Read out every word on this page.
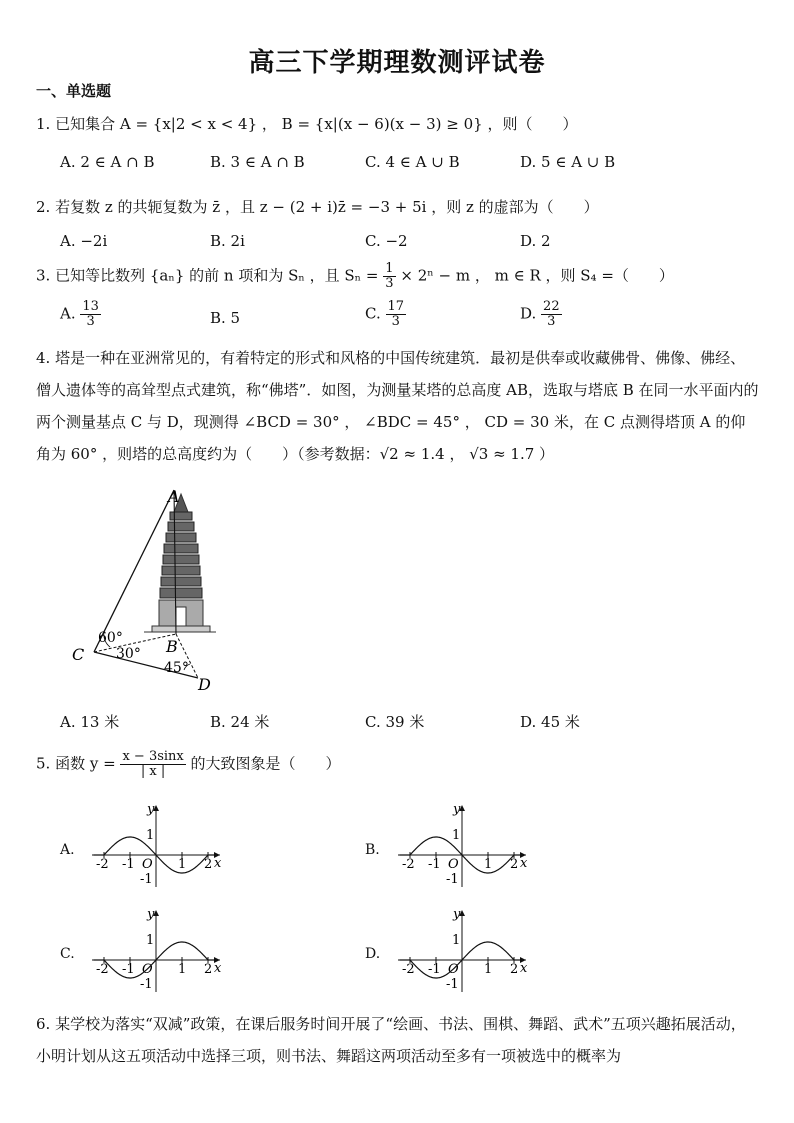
高三下学期理数测评试卷
一、单选题
1. 已知集合 A = {x|2 < x < 4} ， B = {x|(x − 6)(x − 3) ≥ 0} ，则（　　）
A. 2 ∈ A ∩ B	B. 3 ∈ A ∩ B	C. 4 ∈ A ∪ B	D. 5 ∈ A ∪ B
2. 若复数 z 的共轭复数为 z̄ ，且 z − (2 + i)z̄ = −3 + 5i ，则 z 的虚部为（　　）
A. −2i	B. 2i	C. −2	D. 2
3. 已知等比数列 {aₙ} 的前 n 项和为 Sₙ ，且 $S_n = \frac{1}{3} \times 2^n - m$ ， m ∈ R ，则 S₄ =（　　）
A. $\frac{13}{3}$	B. 5	C. $\frac{17}{3}$	D. $\frac{22}{3}$
4. 塔是一种在亚洲常见的，有着特定的形式和风格的中国传统建筑．最初是供奉或收藏佛骨、佛像、佛经、僧人遗体等的高耸型点式建筑，称“佛塔”．如图，为测量某塔的总高度 AB，选取与塔底 B 在同一水平面内的两个测量基点 C 与 D，现测得 ∠BCD = 30° ， ∠BDC = 45° ， CD = 30 米，在 C 点测得塔顶 A 的仰角为 60° ，则塔的总高度约为（　　）（参考数据：√2 ≈ 1.4 ， √3 ≈ 1.7 ）
A
B
C
D
60°
30°
45°
A. 13 米	B. 24 米	C. 39 米	D. 45 米
5. 函数 $y = \frac{x - 3\sin x}{| x |}$ 的大致图象是（　　）
A.	B.
C.	D.
y
x
O
1
-1
1 2
-2 -1
y
x
O
1
-1
1 2
-2 -1
y
x
O
1
-1
1 2
-2 -1
y
x
O
1
-1
1 2
-2 -1
6. 某学校为落实“双减”政策，在课后服务时间开展了“绘画、书法、围棋、舞蹈、武术”五项兴趣拓展活动，小明计划从这五项活动中选择三项，则书法、舞蹈这两项活动至多有一项被选中的概率为
